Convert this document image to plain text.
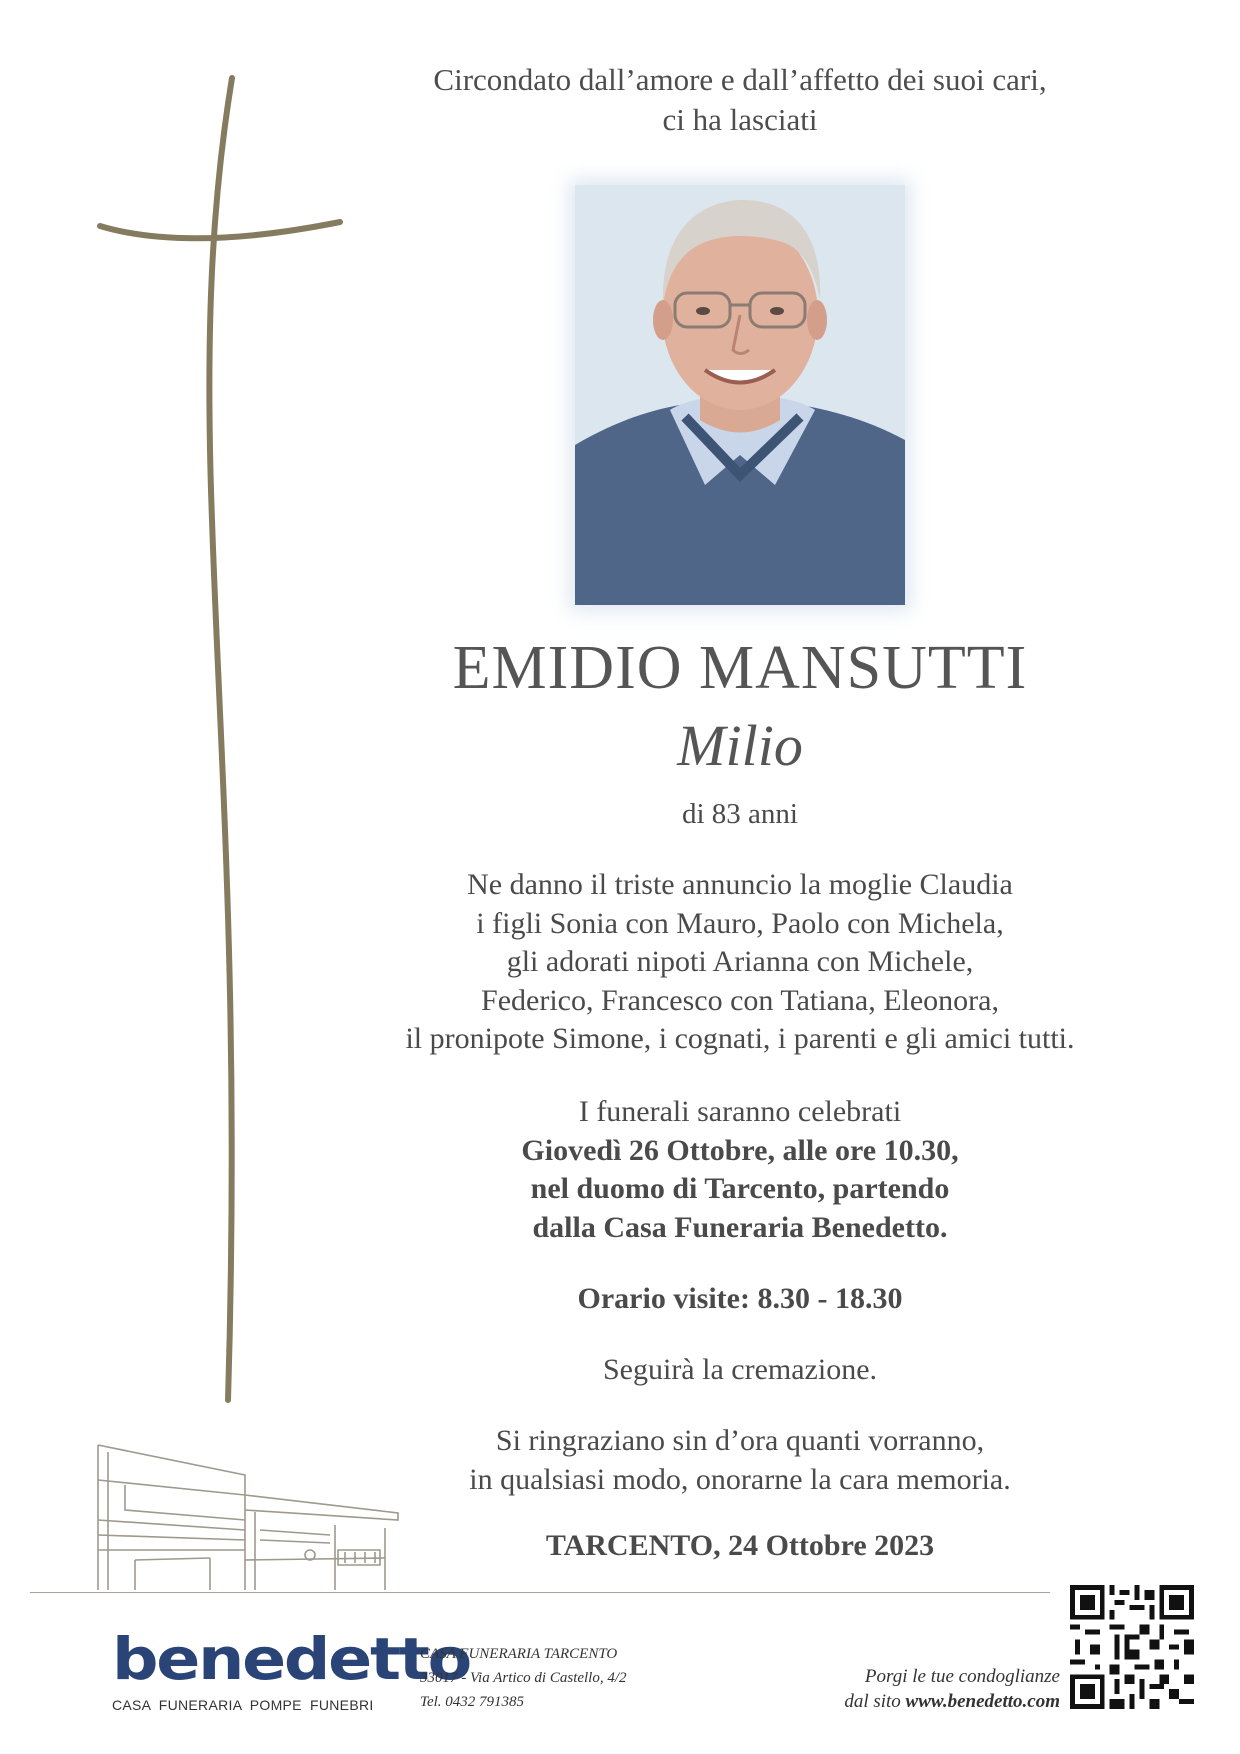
Circondato dall’amore e dall’affetto dei suoi cari,
ci ha lasciati
EMIDIO MANSUTTI
Milio
di 83 anni
Ne danno il triste annuncio la moglie Claudia
i figli Sonia con Mauro, Paolo con Michela,
gli adorati nipoti Arianna con Michele,
Federico, Francesco con Tatiana, Eleonora,
il pronipote Simone, i cognati, i parenti e gli amici tutti.
I funerali saranno celebrati
Giovedì 26 Ottobre, alle ore 10.30,
nel duomo di Tarcento, partendo
dalla Casa Funeraria Benedetto.
Orario visite: 8.30 - 18.30
Seguirà la cremazione.
Si ringraziano sin d’ora quanti vorranno,
in qualsiasi modo, onorarne la cara memoria.
TARCENTO, 24 Ottobre 2023
benedetto
CASA FUNERARIA POMPE FUNEBRI
CASA FUNERARIA TARCENTO
33017 - Via Artico di Castello, 4/2
Tel. 0432 791385
Porgi le tue condoglianze
dal sito www.benedetto.com
